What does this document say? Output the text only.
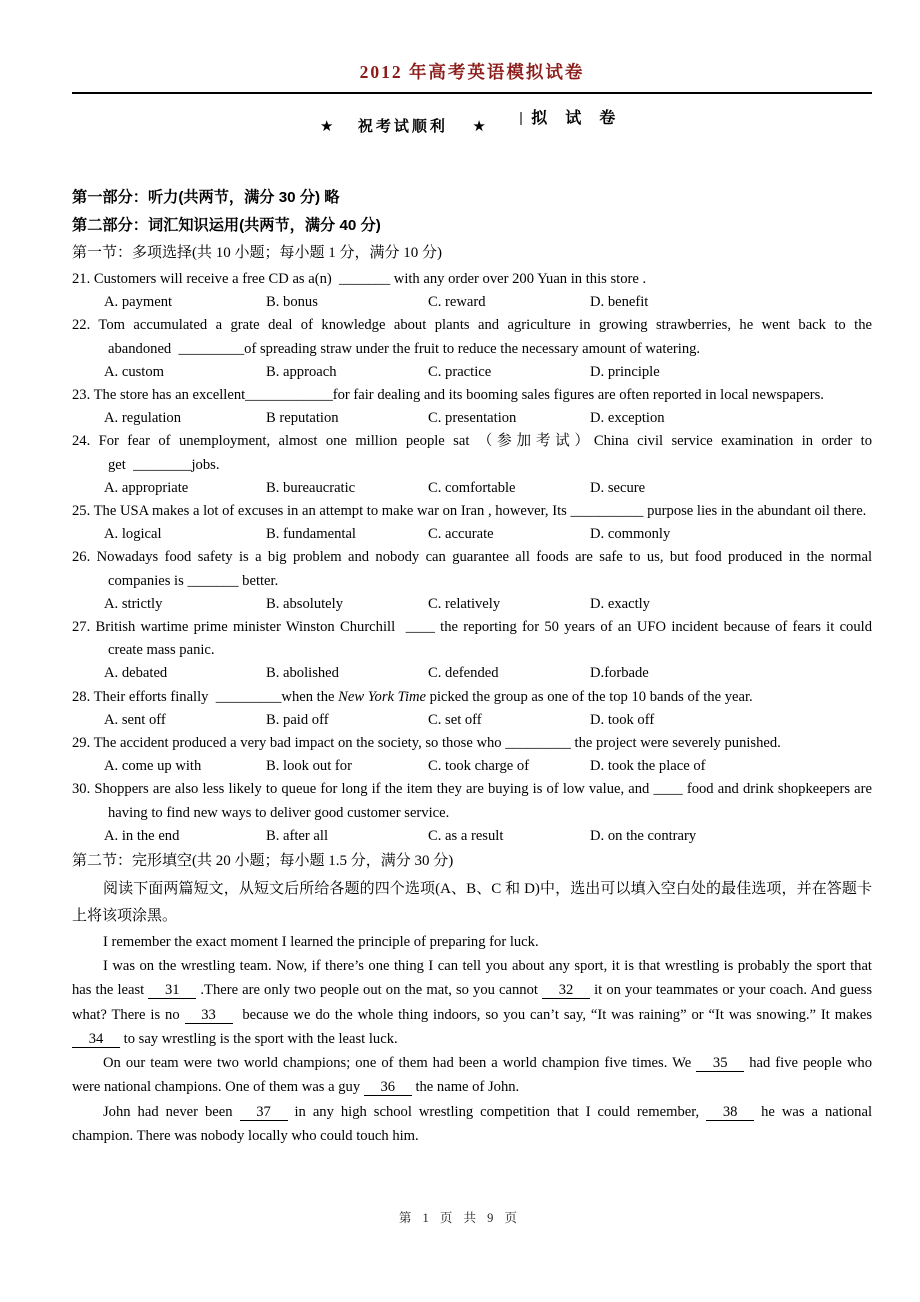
2012 年高考英语模拟试卷
★ 祝考试顺利 ★	拟 试 卷
第一部分：听力(共两节，满分 30 分) 略
第二部分：词汇知识运用(共两节，满分 40 分)
第一节：多项选择(共 10 小题；每小题 1 分，满分 10 分)

21. Customers will receive a free CD as a(n)  _______ with any order over 200 Yuan in this store .

A. payment	B. bonus	C. reward	D. benefit

22. Tom accumulated a grate deal of knowledge about plants and agriculture in growing strawberries, he went back to the abandoned  _________of spreading straw under the fruit to reduce the necessary amount of watering.

A. custom	B. approach	C. practice	D. principle

23. The store has an excellent____________for fair dealing and its booming sales figures are often reported in local newspapers.

A. regulation	B reputation	C. presentation	D. exception

24. For fear of unemployment, almost one million people sat （参加考试）China civil service examination in order to get  ________jobs.

A. appropriate	B. bureaucratic	C. comfortable	D. secure

25. The USA makes a lot of excuses in an attempt to make war on Iran , however, Its __________ purpose lies in the abundant oil there.

A. logical	B. fundamental	C. accurate	D. commonly

26. Nowadays food safety is a big problem and nobody can guarantee all foods are safe to us, but food produced in the normal companies is _______ better.

A. strictly	B. absolutely	C. relatively	D. exactly

27. British wartime prime minister Winston Churchill  ____ the reporting for 50 years of an UFO incident because of fears it could create mass panic.

A. debated	B. abolished	C. defended	D.forbade

28. Their efforts finally  _________when the New York Time picked the group as one of the top 10 bands of the year.

A. sent off	B. paid off	C. set off	D. took off

29. The accident produced a very bad impact on the society, so those who _________ the project were severely punished.

A. come up with	B. look out for	C. took charge of	D. took the place of

30. Shoppers are also less likely to queue for long if the item they are buying is of low value, and ____ food and drink shopkeepers are having to find new ways to deliver good customer service.

A. in the end	B. after all	C. as a result	D. on the contrary
第二节：完形填空(共 20 小题；每小题 1.5 分，满分 30 分)

阅读下面两篇短文，从短文后所给各题的四个选项(A、B、C 和 D)中，选出可以填入空白处的最佳选项，并在答题卡上将该项涂黑。

I remember the exact moment I learned the principle of preparing for luck.

I was on the wrestling team. Now, if there’s one thing I can tell you about any sport, it is that wrestling is probably the sport that has the least 31 .There are only two people out on the mat, so you cannot 32 it on your teammates or your coach. And guess what? There is no 33  because we do the whole thing indoors, so you can’t say, “It was raining” or “It was snowing.” It makes 34 to say wrestling is the sport with the least luck.

On our team were two world champions; one of them had been a world champion five times. We 35 had five people who were national champions. One of them was a guy 36 the name of John.

John had never been 37 in any high school wrestling competition that I could remember, 38 he was a national champion. There was nobody locally who could touch him.

第 1 页 共 9 页
